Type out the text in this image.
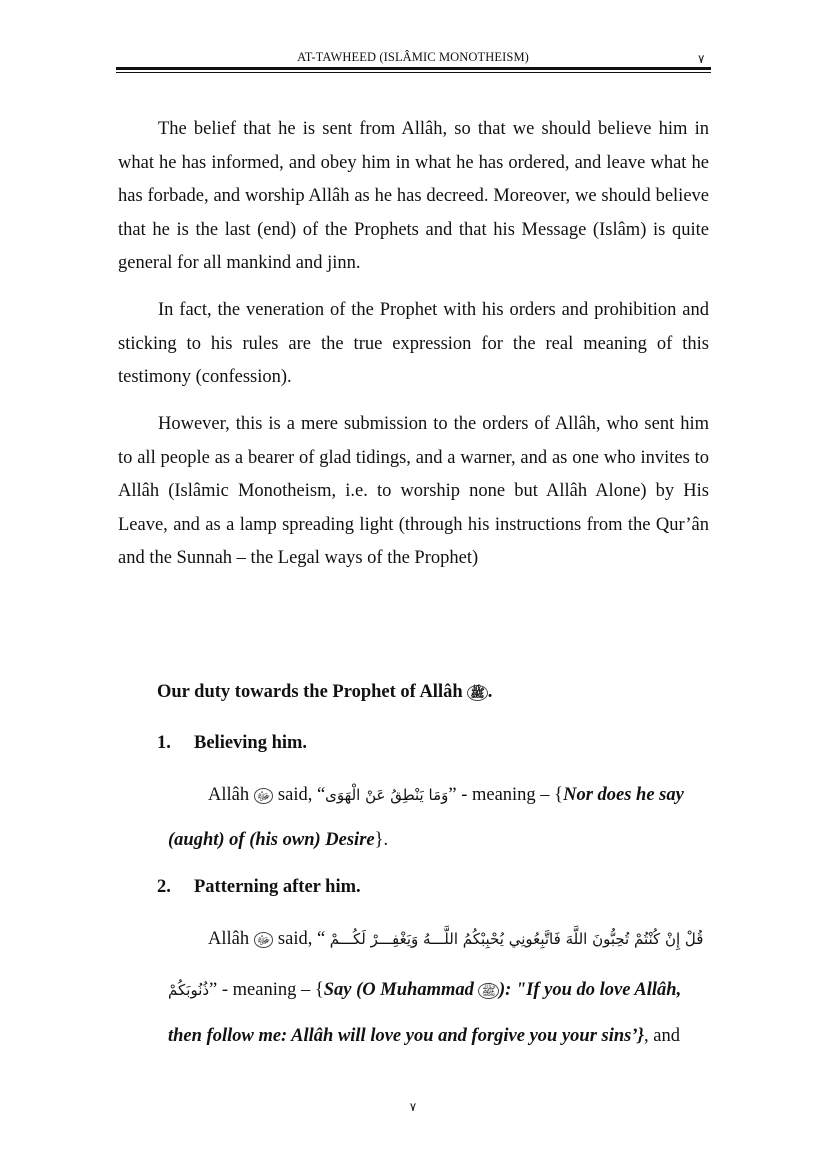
AT-TAWHEED (ISLÂMIC MONOTHEISM)	٧

The belief that he is sent from Allâh, so that we should believe him in what he has informed, and obey him in what he has ordered, and leave what he has forbade, and worship Allâh as he has decreed. Moreover, we should believe that he is the last (end) of the Prophets and that his Message (Islâm) is quite general for all mankind and jinn.

In fact, the veneration of the Prophet with his orders and prohibition and sticking to his rules are the true expression for the real meaning of this testimony (confession).

However, this is a mere submission to the orders of Allâh, who sent him to all people as a bearer of glad tidings, and a warner, and as one who invites to Allâh (Islâmic Monotheism, i.e. to worship none but Allâh Alone) by His Leave, and as a lamp spreading light (through his instructions from the Qur’ân and the Sunnah – the Legal ways of the Prophet)

Our duty towards the Prophet of Allâh ﷺ .
1. Believing him.
Allâh ﷻ said, “وَمَا يَنْطِقُ عَنْ الْهَوَى” - meaning – {Nor does he say
(aught) of (his own) Desire}.
2. Patterning after him.
Allâh ﷻ said, “ قُلْ إِنْ كُنْتُمْ تُحِبُّونَ اللَّهَ فَاتَّبِعُونِي يُحْبِبْكُمُ اللَّـــهُ وَيَغْفِـــرْ لَكُـــمْ
ذُنُوبَكُمْ” - meaning – {Say (O Muhammad ﷺ ): "If you do love Allâh,
then follow me: Allâh will love you and forgive you your sins’}, and
٧
